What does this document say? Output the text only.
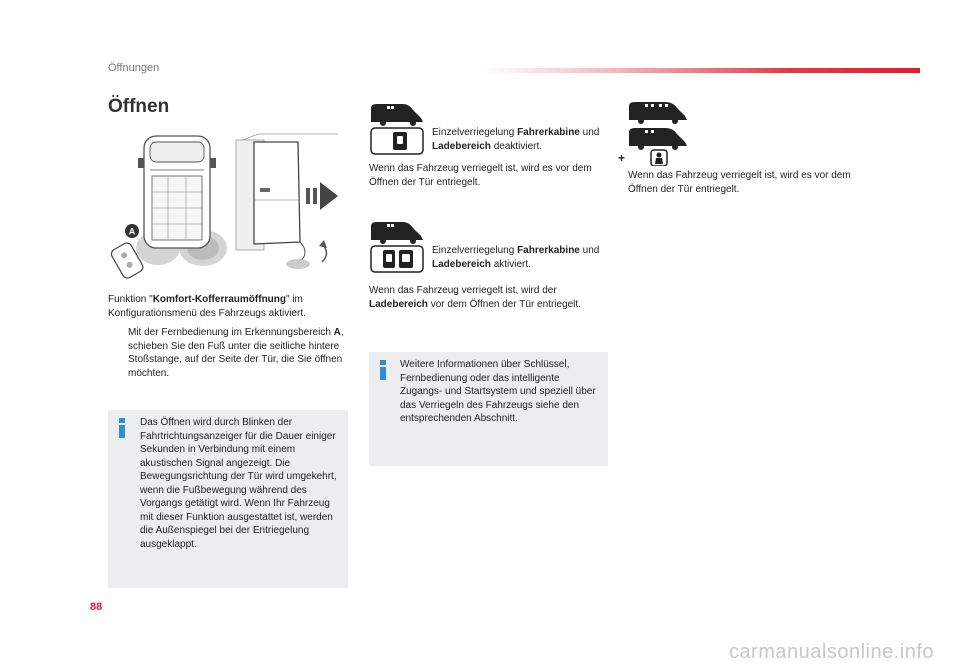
Öffnungen
Öffnen
A
Funktion "Komfort-Kofferraumöffnung" im Konfigurationsmenü des Fahrzeugs aktiviert.
Mit der Fernbedienung im Erkennungsbereich A, schieben Sie den Fuß unter die seitliche hintere Stoßstange, auf der Seite der Tür, die Sie öffnen möchten.
Das Öffnen wird durch Blinken der Fahrtrichtungsanzeiger für die Dauer einiger Sekunden in Verbindung mit einem akustischen Signal angezeigt. Die Bewegungsrichtung der Tür wird umgekehrt, wenn die Fußbewegung während des Vorgangs getätigt wird. Wenn Ihr Fahrzeug mit dieser Funktion ausgestattet ist, werden die Außenspiegel bei der Entriegelung ausgeklappt.
Einzelverriegelung Fahrerkabine und Ladebereich deaktiviert.
Wenn das Fahrzeug verriegelt ist, wird es vor dem Öffnen der Tür entriegelt.
Einzelverriegelung Fahrerkabine und Ladebereich aktiviert.
Wenn das Fahrzeug verriegelt ist, wird der Ladebereich vor dem Öffnen der Tür entriegelt.
Weitere Informationen über Schlüssel, Fernbedienung oder das intelligente Zugangs- und Startsystem und speziell über das Verriegeln des Fahrzeugs siehe den entsprechenden Abschnitt.
+
Wenn das Fahrzeug verriegelt ist, wird es vor dem Öffnen der Tür entriegelt.
88
carmanualsonline.info
